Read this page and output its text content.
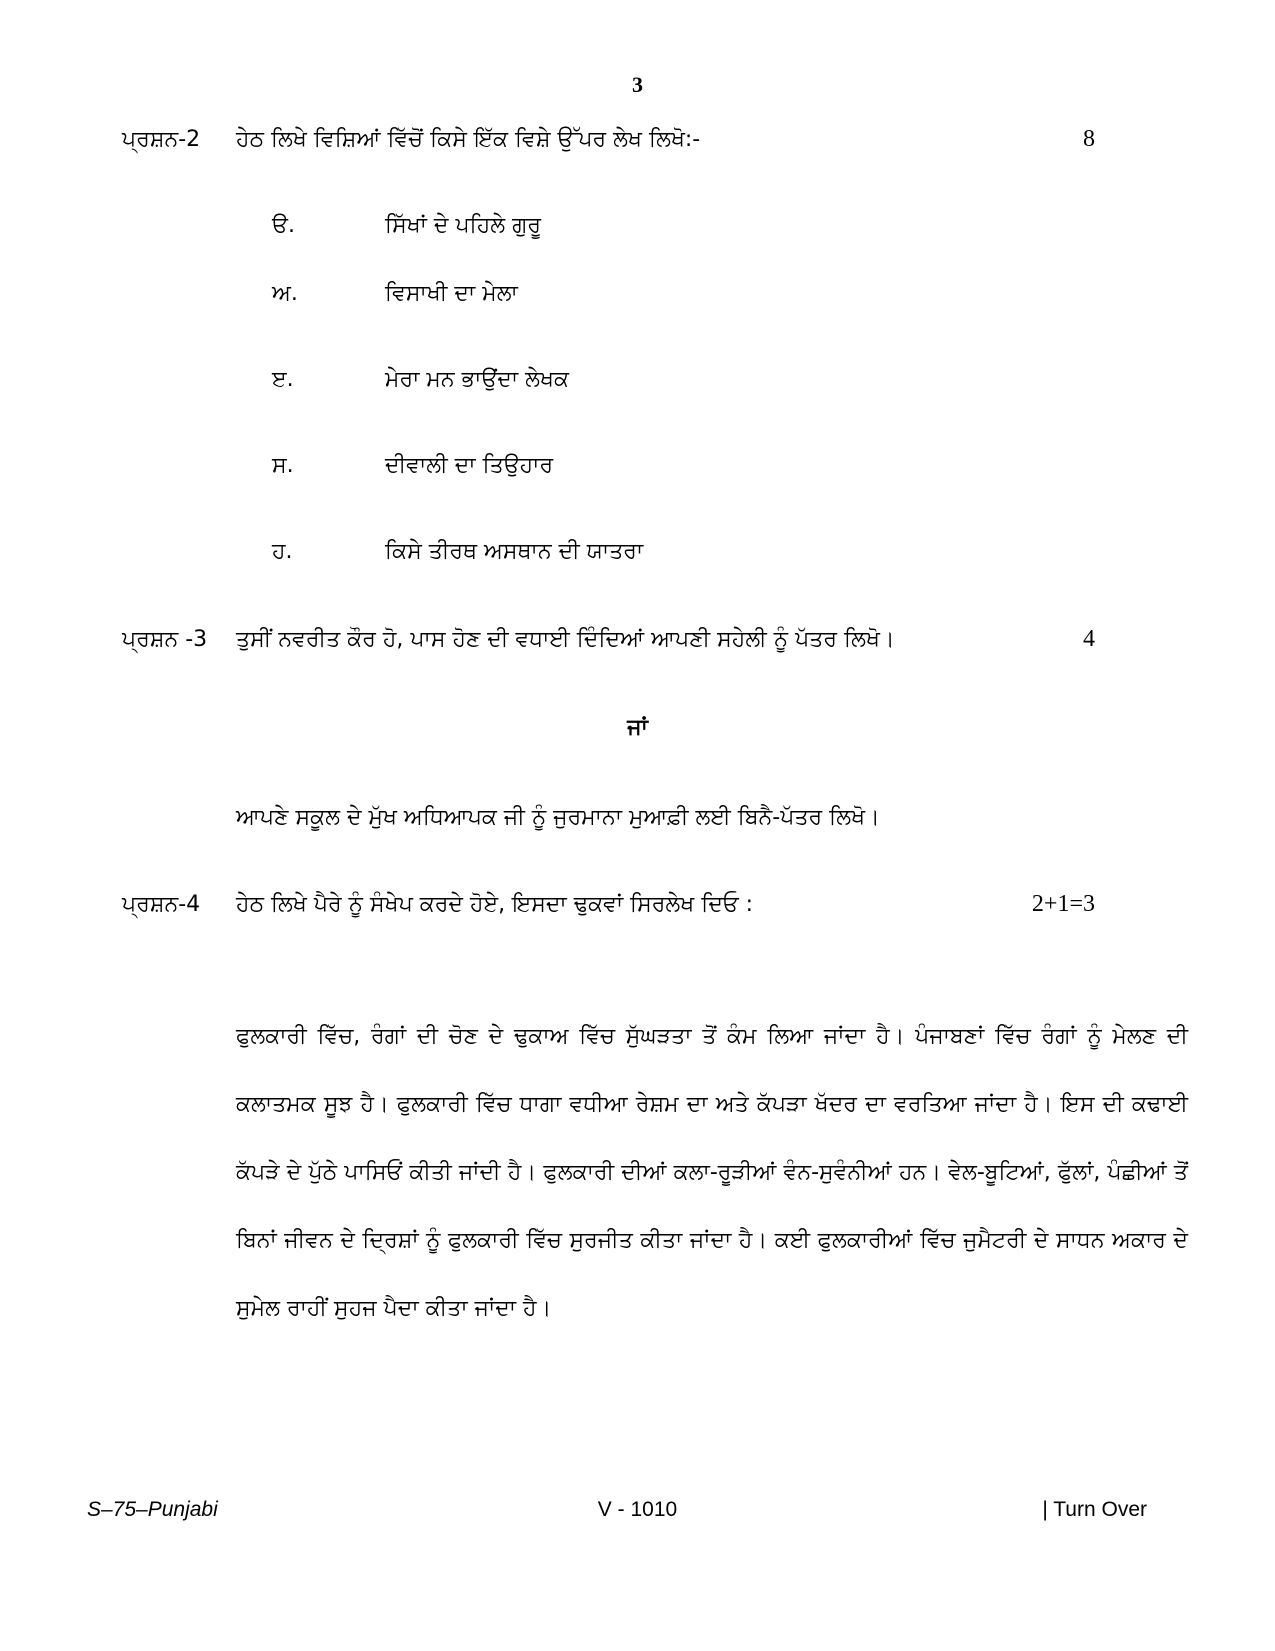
3
ਪ੍ਰਸ਼ਨ-2 ਹੇਠ ਲਿਖੇ ਵਿਸ਼ਿਆਂ ਵਿੱਚੋਂ ਕਿਸੇ ਇੱਕ ਵਿਸ਼ੇ ਉੱਪਰ ਲੇਖ ਲਿਖੋ:-	8
ੳ.	ਸਿੱਖਾਂ ਦੇ ਪਹਿਲੇ ਗੁਰੂ
ਅ.	ਵਿਸਾਖੀ ਦਾ ਮੇਲਾ
ੲ.	ਮੇਰਾ ਮਨ ਭਾਉਂਦਾ ਲੇਖਕ
ਸ.	ਦੀਵਾਲੀ ਦਾ ਤਿਉਹਾਰ
ਹ.	ਕਿਸੇ ਤੀਰਥ ਅਸਥਾਨ ਦੀ ਯਾਤਰਾ
ਪ੍ਰਸ਼ਨ -3 ਤੁਸੀਂ ਨਵਰੀਤ ਕੌਰ ਹੋ, ਪਾਸ ਹੋਣ ਦੀ ਵਧਾਈ ਦਿੰਦਿਆਂ ਆਪਣੀ ਸਹੇਲੀ ਨੂੰ ਪੱਤਰ ਲਿਖੋ।	4
ਜਾਂ
ਆਪਣੇ ਸਕੂਲ ਦੇ ਮੁੱਖ ਅਧਿਆਪਕ ਜੀ ਨੂੰ ਜੁਰਮਾਨਾ ਮੁਆਫ਼ੀ ਲਈ ਬਿਨੈ-ਪੱਤਰ ਲਿਖੋ।
ਪ੍ਰਸ਼ਨ-4 ਹੇਠ ਲਿਖੇ ਪੈਰੇ ਨੂੰ ਸੰਖੇਪ ਕਰਦੇ ਹੋਏ, ਇਸਦਾ ਢੁਕਵਾਂ ਸਿਰਲੇਖ ਦਿਓ :	2+1=3
ਫੁਲਕਾਰੀ ਵਿੱਚ, ਰੰਗਾਂ ਦੀ ਚੋਣ ਦੇ ਢੁਕਾਅ ਵਿੱਚ ਸੁੱਘੜਤਾ ਤੋਂ ਕੰਮ ਲਿਆ ਜਾਂਦਾ ਹੈ। ਪੰਜਾਬਣਾਂ ਵਿੱਚ ਰੰਗਾਂ ਨੂੰ ਮੇਲਣ ਦੀ ਕਲਾਤਮਕ ਸੂਝ ਹੈ। ਫੁਲਕਾਰੀ ਵਿੱਚ ਧਾਗਾ ਵਧੀਆ ਰੇਸ਼ਮ ਦਾ ਅਤੇ ਕੱਪੜਾ ਖੱਦਰ ਦਾ ਵਰਤਿਆ ਜਾਂਦਾ ਹੈ। ਇਸ ਦੀ ਕਢਾਈ ਕੱਪੜੇ ਦੇ ਪੁੱਠੇ ਪਾਸਿਓਂ ਕੀਤੀ ਜਾਂਦੀ ਹੈ। ਫੁਲਕਾਰੀ ਦੀਆਂ ਕਲਾ-ਰੂੜੀਆਂ ਵੰਨ-ਸੁਵੰਨੀਆਂ ਹਨ। ਵੇਲ-ਬੂਟਿਆਂ, ਫੁੱਲਾਂ, ਪੰਛੀਆਂ ਤੋਂ ਬਿਨਾਂ ਜੀਵਨ ਦੇ ਦ੍ਰਿਸ਼ਾਂ ਨੂੰ ਫੁਲਕਾਰੀ ਵਿੱਚ ਸੁਰਜੀਤ ਕੀਤਾ ਜਾਂਦਾ ਹੈ। ਕਈ ਫੁਲਕਾਰੀਆਂ ਵਿੱਚ ਜੁਮੈਟਰੀ ਦੇ ਸਾਧਨ ਅਕਾਰ ਦੇ ਸੁਮੇਲ ਰਾਹੀਂ ਸੁਹਜ ਪੈਦਾ ਕੀਤਾ ਜਾਂਦਾ ਹੈ।
S–75–Punjabi	V - 1010	| Turn Over
